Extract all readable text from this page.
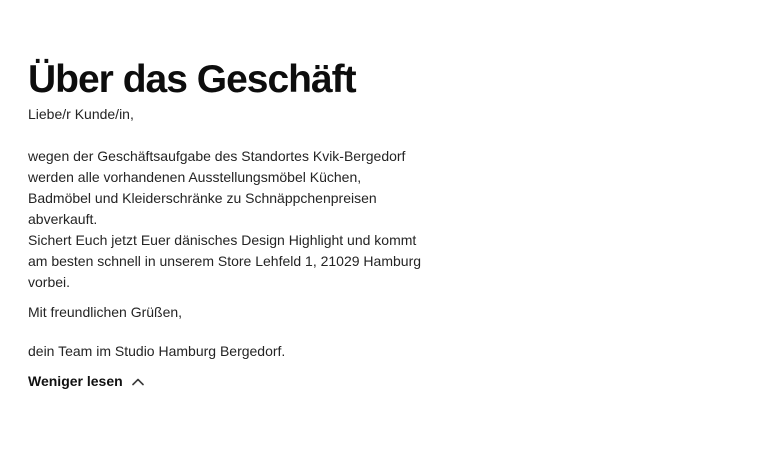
Über das Geschäft

Liebe/r Kunde/in,

wegen der Geschäftsaufgabe des Standortes Kvik-Bergedorf
werden alle vorhandenen Ausstellungsmöbel Küchen,
Badmöbel und Kleiderschränke zu Schnäppchenpreisen
abverkauft.
Sichert Euch jetzt Euer dänisches Design Highlight und kommt
am besten schnell in unserem Store Lehfeld 1, 21029 Hamburg
vorbei.

Mit freundlichen Grüßen,

dein Team im Studio Hamburg Bergedorf.

Weniger lesen
